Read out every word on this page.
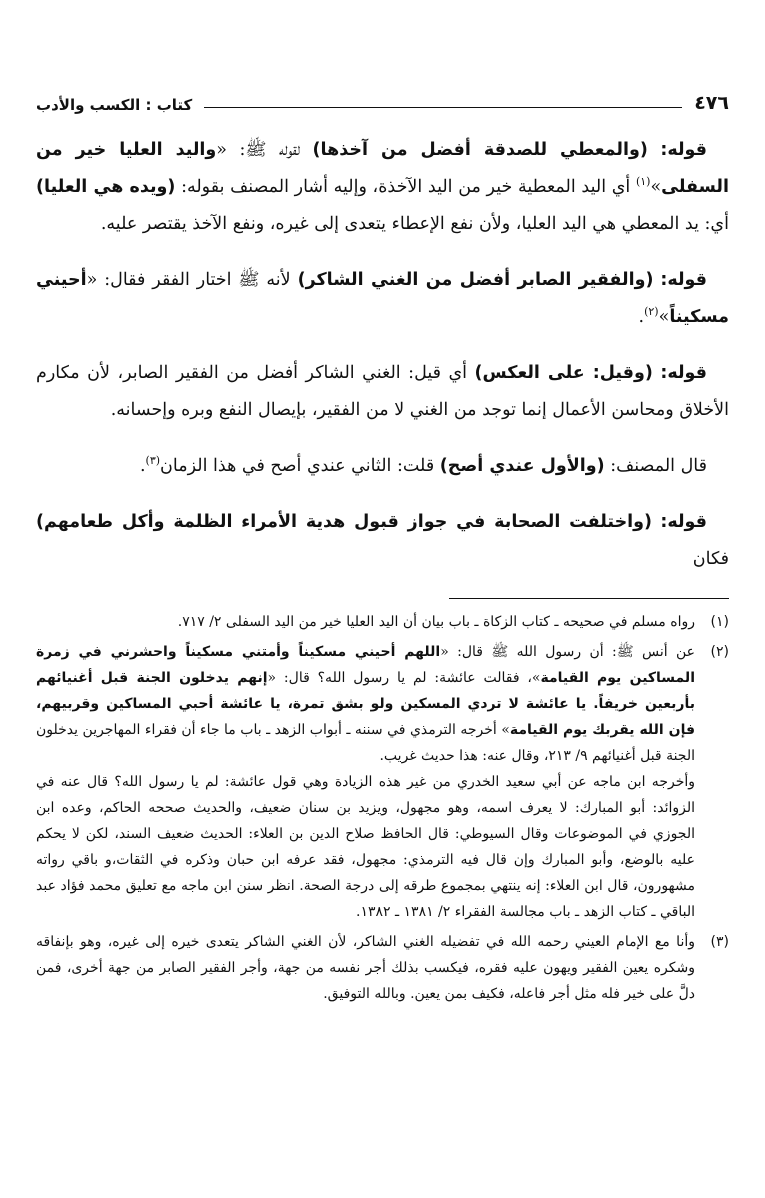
٤٧٦
كتاب : الكسب والأدب

قوله: (والمعطي للصدقة أفضل من آخذها) لقوله ﷺ: «واليد العليا خير من السفلى»$^{(١)}$ أي اليد المعطية خير من اليد الآخذة، وإليه أشار المصنف بقوله: (ويده هي العليا) أي: يد المعطي هي اليد العليا، ولأن نفع الإعطاء يتعدى إلى غيره، ونفع الآخذ يقتصر عليه.

قوله: (والفقير الصابر أفضل من الغني الشاكر) لأنه ﷺ اختار الفقر فقال: «أحيني مسكيناً»$^{(٢)}$.

قوله: (وقيل: على العكس) أي قيل: الغني الشاكر أفضل من الفقير الصابر، لأن مكارم الأخلاق ومحاسن الأعمال إنما توجد من الغني لا من الفقير، بإيصال النفع وبره وإحسانه.

قال المصنف: (والأول عندي أصح) قلت: الثاني عندي أصح في هذا الزمان$^{(٣)}$.

قوله: (واختلفت الصحابة في جواز قبول هدية الأمراء الظلمة وأكل طعامهم) فكان

(١)

رواه مسلم في صحيحه ـ كتاب الزكاة ـ باب بيان أن اليد العليا خير من اليد السفلى ٢/ ٧١٧.

(٢)

عن أنس ﷺ: أن رسول الله ﷺ قال: «اللهم أحيني مسكيناً وأمتني مسكيناً واحشرني في زمرة المساكين يوم القيامة»، فقالت عائشة: لم يا رسول الله؟ قال: «إنهم يدخلون الجنة قبل أغنيائهم بأربعين خريفاً. يا عائشة لا تردي المسكين ولو بشق تمرة، يا عائشة أحبي المساكين وقربيهم، فإن الله يقربك يوم القيامة» أخرجه الترمذي في سننه ـ أبواب الزهد ـ باب ما جاء أن فقراء المهاجرين يدخلون الجنة قبل أغنيائهم ٩/ ٢١٣، وقال عنه: هذا حديث غريب.

وأخرجه ابن ماجه عن أبي سعيد الخدري من غير هذه الزيادة وهي قول عائشة: لم يا رسول الله؟ قال عنه في الزوائد: أبو المبارك: لا يعرف اسمه، وهو مجهول، ويزيد بن سنان ضعيف، والحديث صححه الحاكم، وعده ابن الجوزي في الموضوعات وقال السيوطي: قال الحافظ صلاح الدين بن العلاء: الحديث ضعيف السند، لكن لا يحكم عليه بالوضع، وأبو المبارك وإن قال فيه الترمذي: مجهول، فقد عرفه ابن حبان وذكره في الثقات،و باقي رواته مشهورون، قال ابن العلاء: إنه ينتهي بمجموع طرقه إلى درجة الصحة. انظر سنن ابن ماجه مع تعليق محمد فؤاد عبد الباقي ـ كتاب الزهد ـ باب مجالسة الفقراء ٢/ ١٣٨١ ـ ١٣٨٢.

(٣)

وأنا مع الإمام العيني رحمه الله في تفضيله الغني الشاكر، لأن الغني الشاكر يتعدى خيره إلى غيره، وهو بإنفاقه وشكره يعين الفقير ويهون عليه فقره، فيكسب بذلك أجر نفسه من جهة، وأجر الفقير الصابر من جهة أخرى، فمن دلَّ على خير فله مثل أجر فاعله، فكيف بمن يعين. وبالله التوفيق.
